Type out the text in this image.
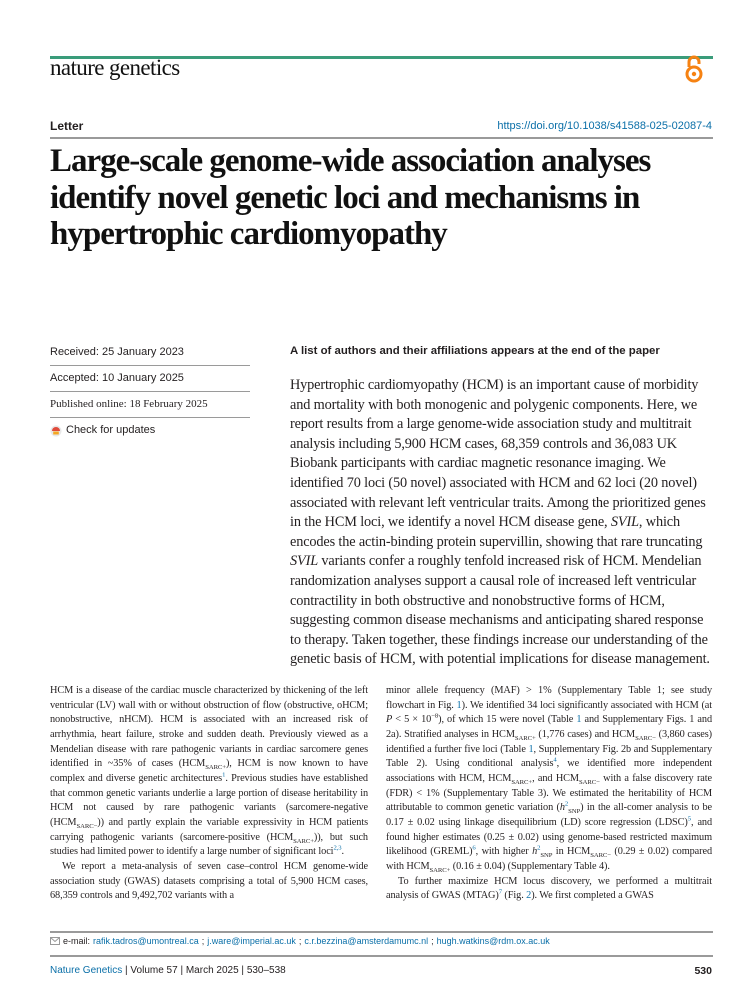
nature genetics
Letter	https://doi.org/10.1038/s41588-025-02087-4
Large-scale genome-wide association analyses identify novel genetic loci and mechanisms in hypertrophic cardiomyopathy
Received: 25 January 2023
Accepted: 10 January 2025
Published online: 18 February 2025
Check for updates
A list of authors and their affiliations appears at the end of the paper

Hypertrophic cardiomyopathy (HCM) is an important cause of morbidity and mortality with both monogenic and polygenic components. Here, we report results from a large genome-wide association study and multitrait analysis including 5,900 HCM cases, 68,359 controls and 36,083 UK Biobank participants with cardiac magnetic resonance imaging. We identified 70 loci (50 novel) associated with HCM and 62 loci (20 novel) associated with relevant left ventricular traits. Among the prioritized genes in the HCM loci, we identify a novel HCM disease gene, SVIL, which encodes the actin-binding protein supervillin, showing that rare truncating SVIL variants confer a roughly tenfold increased risk of HCM. Mendelian randomization analyses support a causal role of increased left ventricular contractility in both obstructive and nonobstructive forms of HCM, suggesting common disease mechanisms and anticipating shared response to therapy. Taken together, these findings increase our understanding of the genetic basis of HCM, with potential implications for disease management.

HCM is a disease of the cardiac muscle characterized by thickening of the left ventricular (LV) wall with or without obstruction of flow (obstructive, oHCM; nonobstructive, nHCM). HCM is associated with an increased risk of arrhythmia, heart failure, stroke and sudden death. Previously viewed as a Mendelian disease with rare pathogenic variants in cardiac sarcomere genes identified in ~35% of cases $(HCM_{SARC+})$, HCM is now known to have complex and diverse genetic architectures$^1$. Previous studies have established that common genetic variants underlie a large portion of disease heritability in HCM not caused by rare pathogenic variants (sarcomere-negative $(HCM_{SARC-})$) and partly explain the variable expressivity in HCM patients carrying pathogenic variants (sarcomere-positive $(HCM_{SARC+})$), but such studies had limited power to identify a large number of significant loci$^{2,3}$.

We report a meta-analysis of seven case–control HCM genome-wide association study (GWAS) datasets comprising a total of 5,900 HCM cases, 68,359 controls and 9,492,702 variants with a

minor allele frequency (MAF) > 1% (Supplementary Table 1; see study flowchart in Fig. 1). We identified 34 loci significantly associated with HCM (at $P < 5 \times 10^{-8}$), of which 15 were novel (Table 1 and Supplementary Figs. 1 and 2a). Stratified analyses in $HCM_{SARC+}$ (1,776 cases) and $HCM_{SARC-}$ (3,860 cases) identified a further five loci (Table 1, Supplementary Fig. 2b and Supplementary Table 2). Using conditional analysis$^4$, we identified more independent associations with HCM, $HCM_{SARC+}$, and $HCM_{SARC-}$ with a false discovery rate (FDR) < 1% (Supplementary Table 3). We estimated the heritability of HCM attributable to common genetic variation (h$^2_{SNP}$) in the all-comer analysis to be 0.17 ± 0.02 using linkage disequilibrium (LD) score regression (LDSC)$^5$, and found higher estimates (0.25 ± 0.02) using genome-based restricted maximum likelihood (GREML)$^6$, with higher h$^2_{SNP}$ in $HCM_{SARC-}$ (0.29 ± 0.02) compared with $HCM_{SARC+}$ (0.16 ± 0.04) (Supplementary Table 4).

To further maximize HCM locus discovery, we performed a multitrait analysis of GWAS (MTAG)$^7$ (Fig. 2). We first completed a GWAS

e-mail: rafik.tadros@umontreal.ca ; j.ware@imperial.ac.uk ; c.r.bezzina@amsterdamumc.nl ; hugh.watkins@rdm.ox.ac.uk
Nature Genetics | Volume 57 | March 2025 | 530–538	530
